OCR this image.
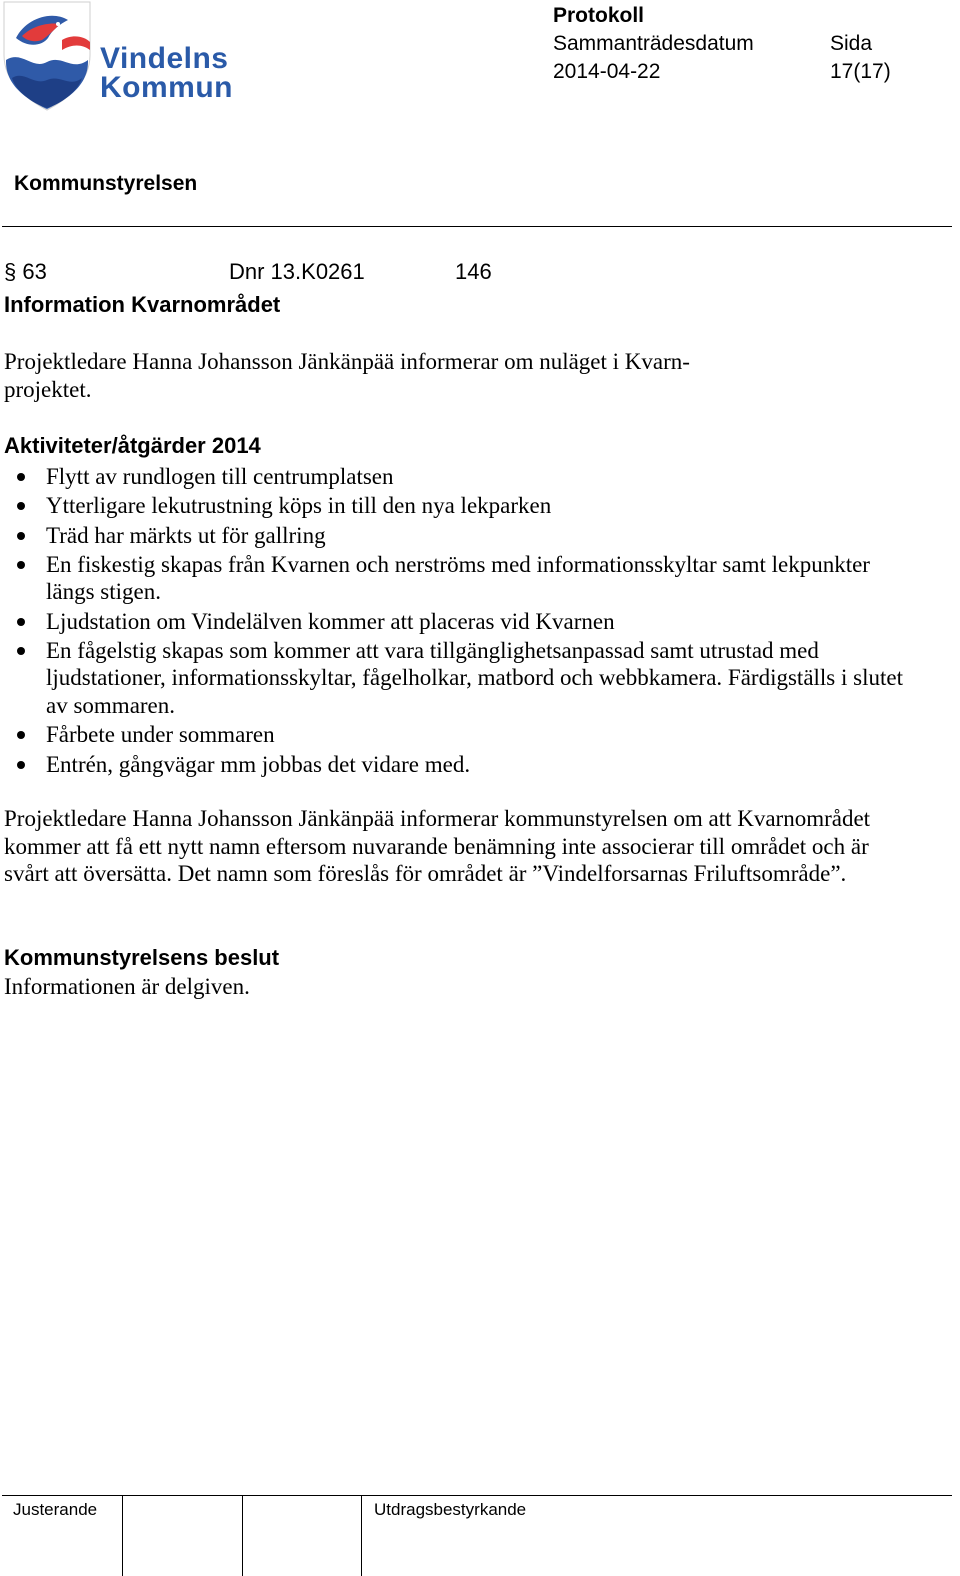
Vindelns
Kommun
Protokoll
Sammanträdesdatum
2014-04-22
Sida
17(17)
Kommunstyrelsen
§ 63	Dnr 13.K0261	146
Information Kvarnområdet
Projektledare Hanna Johansson Jänkänpää informerar om nuläget i Kvarn-
projektet.
Aktiviteter/åtgärder 2014
Flytt av rundlogen till centrumplatsen
Ytterligare lekutrustning köps in till den nya lekparken
Träd har märkts ut för gallring
En fiskestig skapas från Kvarnen och nerströms med informationsskyltar samt lekpunkter längs stigen.
Ljudstation om Vindelälven kommer att placeras vid Kvarnen
En fågelstig skapas som kommer att vara tillgänglighetsanpassad samt utrustad med ljudstationer, informationsskyltar, fågelholkar, matbord och webbkamera. Färdigställs i slutet av sommaren.
Fårbete under sommaren
Entrén, gångvägar mm jobbas det vidare med.
Projektledare Hanna Johansson Jänkänpää informerar kommunstyrelsen om att Kvarnområdet kommer att få ett nytt namn eftersom nuvarande benämning inte associerar till området och är svårt att översätta. Det namn som föreslås för området är ”Vindelforsarnas Friluftsområde”.
Kommunstyrelsens beslut
Informationen är delgiven.
Justerande	Utdragsbestyrkande
